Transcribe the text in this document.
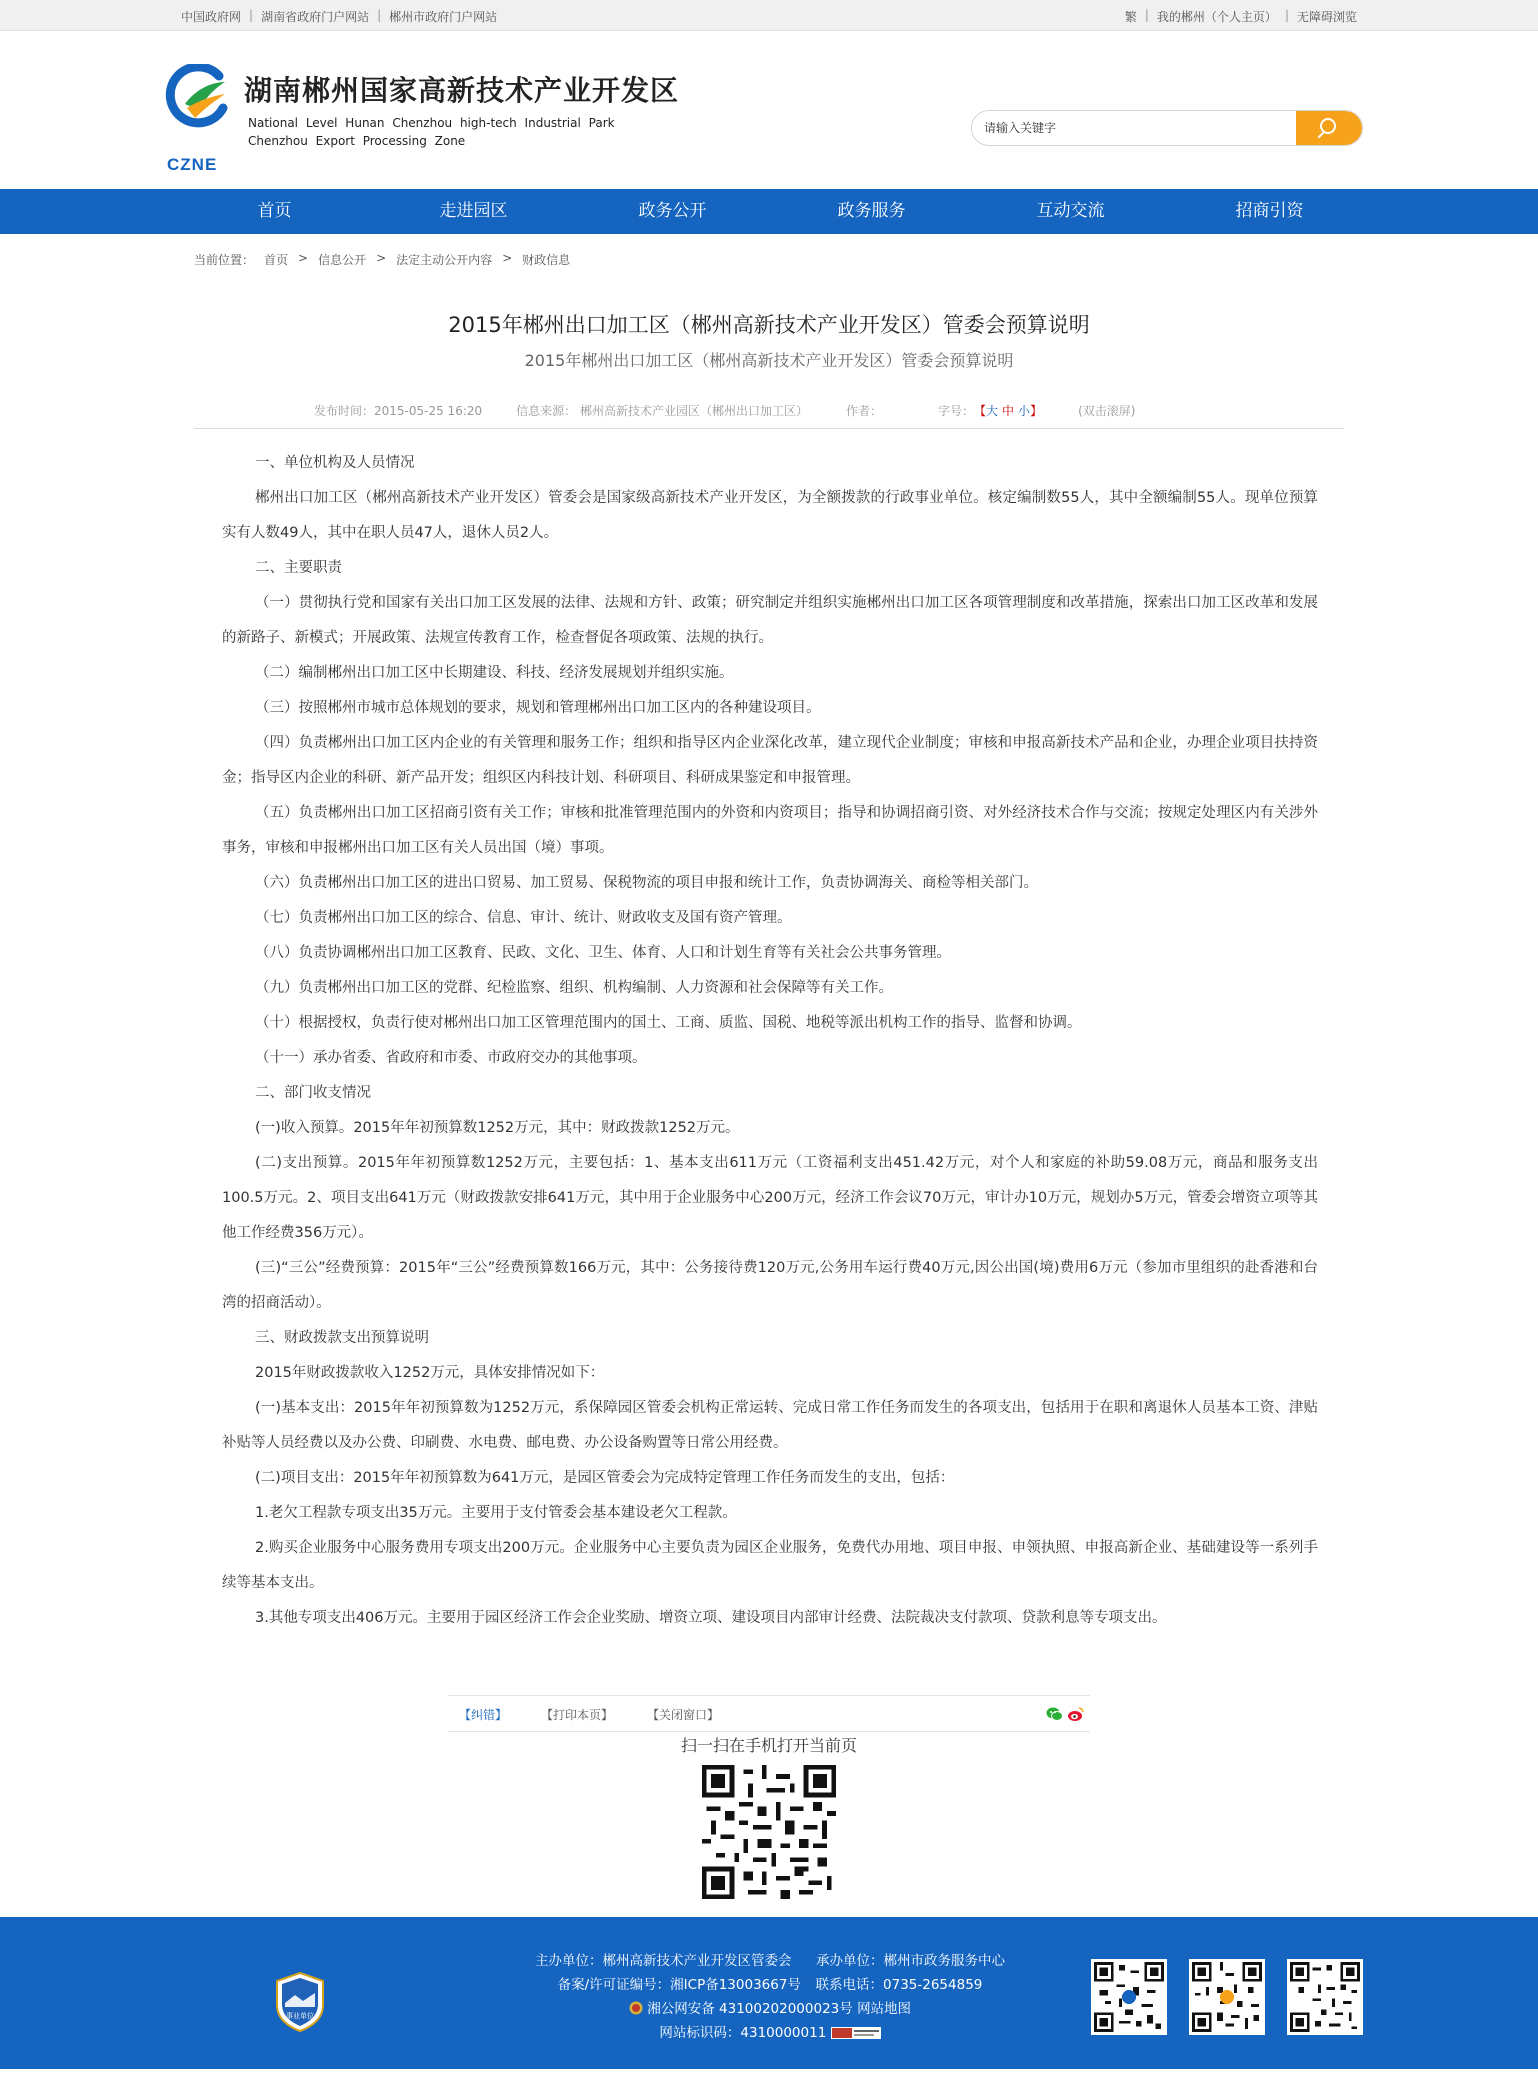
中国政府网 | 湖南省政府门户网站 | 郴州市政府门户网站	繁 | 我的郴州（个人主页） | 无障碍浏览
CZNE
湖南郴州国家高新技术产业开发区
National Level Hunan Chenzhou high-tech Industrial Park
Chenzhou Export Processing Zone
请输入关键字
首页	走进园区	政务公开	政务服务	互动交流	招商引资
当前位置： 首页 > 信息公开 > 法定主动公开内容 > 财政信息
2015年郴州出口加工区（郴州高新技术产业开发区）管委会预算说明
2015年郴州出口加工区（郴州高新技术产业开发区）管委会预算说明
发布时间：2015-05-25 16:20	信息来源： 郴州高新技术产业园区（郴州出口加工区）	作者：	字号： 【 大 中 小 】	(双击滚屏)

一、单位机构及人员情况

郴州出口加工区（郴州高新技术产业开发区）管委会是国家级高新技术产业开发区，为全额拨款的行政事业单位。核定编制数55人，其中全额编制55人。现单位预算实有人数49人，其中在职人员47人，退休人员2人。

二、主要职责

（一）贯彻执行党和国家有关出口加工区发展的法律、法规和方针、政策；研究制定并组织实施郴州出口加工区各项管理制度和改革措施，探索出口加工区改革和发展的新路子、新模式；开展政策、法规宣传教育工作，检查督促各项政策、法规的执行。

（二）编制郴州出口加工区中长期建设、科技、经济发展规划并组织实施。

（三）按照郴州市城市总体规划的要求，规划和管理郴州出口加工区内的各种建设项目。

（四）负责郴州出口加工区内企业的有关管理和服务工作；组织和指导区内企业深化改革，建立现代企业制度；审核和申报高新技术产品和企业，办理企业项目扶持资金；指导区内企业的科研、新产品开发；组织区内科技计划、科研项目、科研成果鉴定和申报管理。

（五）负责郴州出口加工区招商引资有关工作；审核和批准管理范围内的外资和内资项目；指导和协调招商引资、对外经济技术合作与交流；按规定处理区内有关涉外事务，审核和申报郴州出口加工区有关人员出国（境）事项。

（六）负责郴州出口加工区的进出口贸易、加工贸易、保税物流的项目申报和统计工作，负责协调海关、商检等相关部门。

（七）负责郴州出口加工区的综合、信息、审计、统计、财政收支及国有资产管理。

（八）负责协调郴州出口加工区教育、民政、文化、卫生、体育、人口和计划生育等有关社会公共事务管理。

（九）负责郴州出口加工区的党群、纪检监察、组织、机构编制、人力资源和社会保障等有关工作。

（十）根据授权，负责行使对郴州出口加工区管理范围内的国土、工商、质监、国税、地税等派出机构工作的指导、监督和协调。

（十一）承办省委、省政府和市委、市政府交办的其他事项。

二、部门收支情况

(一)收入预算。2015年年初预算数1252万元，其中：财政拨款1252万元。

(二)支出预算。2015年年初预算数1252万元，主要包括：1、基本支出611万元（工资福利支出451.42万元，对个人和家庭的补助59.08万元，商品和服务支出100.5万元。2、项目支出641万元（财政拨款安排641万元，其中用于企业服务中心200万元，经济工作会议70万元，审计办10万元，规划办5万元，管委会增资立项等其他工作经费356万元）。

(三)“三公”经费预算：2015年“三公”经费预算数166万元，其中：公务接待费120万元,公务用车运行费40万元,因公出国(境)费用6万元（参加市里组织的赴香港和台湾的招商活动）。

三、财政拨款支出预算说明

2015年财政拨款收入1252万元，具体安排情况如下：

(一)基本支出：2015年年初预算数为1252万元，系保障园区管委会机构正常运转、完成日常工作任务而发生的各项支出，包括用于在职和离退休人员基本工资、津贴补贴等人员经费以及办公费、印刷费、水电费、邮电费、办公设备购置等日常公用经费。

(二)项目支出：2015年年初预算数为641万元，是园区管委会为完成特定管理工作任务而发生的支出，包括：

1.老欠工程款专项支出35万元。主要用于支付管委会基本建设老欠工程款。

2.购买企业服务中心服务费用专项支出200万元。企业服务中心主要负责为园区企业服务，免费代办用地、项目申报、申领执照、申报高新企业、基础建设等一系列手续等基本支出。

3.其他专项支出406万元。主要用于园区经济工作会企业奖励、增资立项、建设项目内部审计经费、法院裁决支付款项、贷款利息等专项支出。

【纠错】	【打印本页】	【关闭窗口】
扫一扫在手机打开当前页
事业单位
主办单位：郴州高新技术产业开发区管委会 承办单位：郴州市政务服务中心
备案/许可证编号：湘ICP备13003667号 联系电话：0735-2654859
湘公网安备 43100202000023号 网站地图
网站标识码：4310000011
